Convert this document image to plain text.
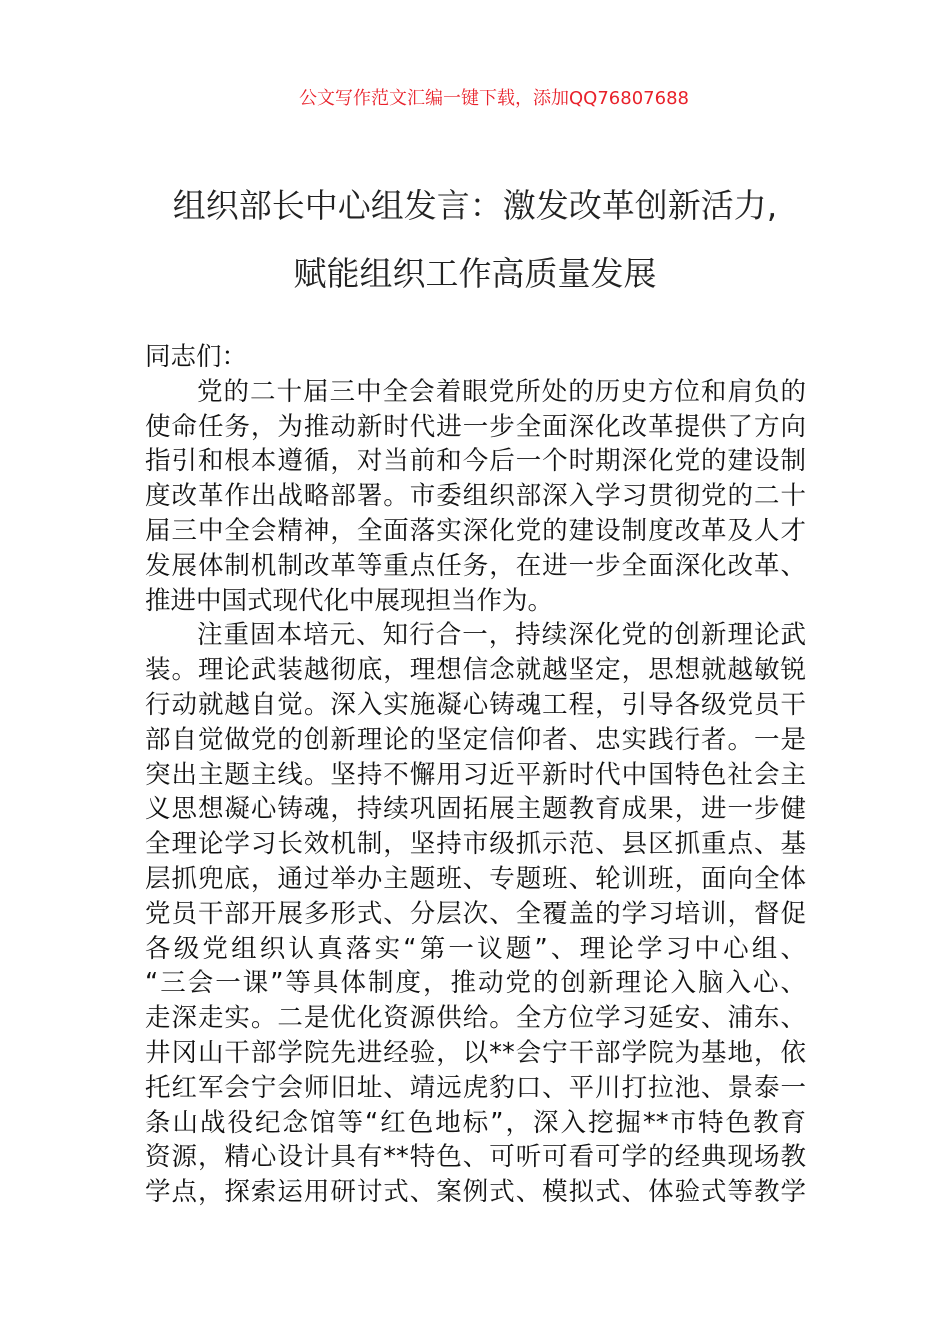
公文写作范文汇编一键下载，添加QQ76807688
组织部长中心组发言：激发改革创新活力,
赋能组织工作高质量发展
同志们：
党的二十届三中全会着眼党所处的历史方位和肩负的
使命任务，为推动新时代进一步全面深化改革提供了方向
指引和根本遵循，对当前和今后一个时期深化党的建设制
度改革作出战略部署。市委组织部深入学习贯彻党的二十
届三中全会精神，全面落实深化党的建设制度改革及人才
发展体制机制改革等重点任务，在进一步全面深化改革、
推进中国式现代化中展现担当作为。
注重固本培元、知行合一，持续深化党的创新理论武
装。理论武装越彻底，理想信念就越坚定，思想就越敏锐
行动就越自觉。深入实施凝心铸魂工程，引导各级党员干
部自觉做党的创新理论的坚定信仰者、忠实践行者。一是
突出主题主线。坚持不懈用习近平新时代中国特色社会主
义思想凝心铸魂，持续巩固拓展主题教育成果，进一步健
全理论学习长效机制，坚持市级抓示范、县区抓重点、基
层抓兜底，通过举办主题班、专题班、轮训班，面向全体
党员干部开展多形式、分层次、全覆盖的学习培训，督促
各级党组织认真落实“第一议题”、理论学习中心组、
“三会一课”等具体制度，推动党的创新理论入脑入心、
走深走实。二是优化资源供给。全方位学习延安、浦东、
井冈山干部学院先进经验，以**会宁干部学院为基地，依
托红军会宁会师旧址、靖远虎豹口、平川打拉池、景泰一
条山战役纪念馆等“红色地标”，深入挖掘**市特色教育
资源，精心设计具有**特色、可听可看可学的经典现场教
学点，探索运用研讨式、案例式、模拟式、体验式等教学
